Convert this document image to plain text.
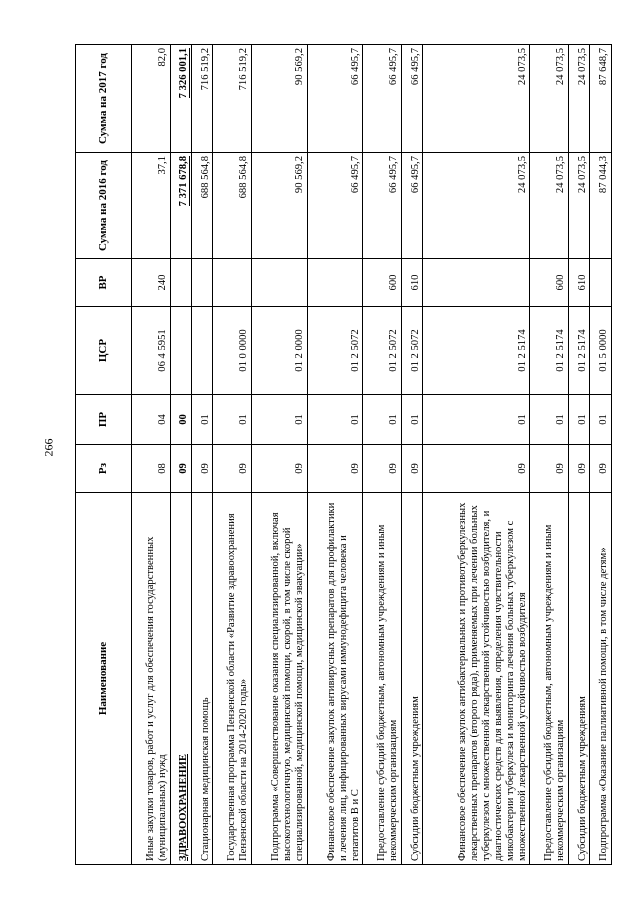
266
Наименование	Рз	ПР	ЦСР	ВР	Сумма на 2016 год	Сумма на 2017 год
Иные закупки товаров, работ и услуг для обеспечения государственных (муниципальных) нужд	08	04	06 4 5951	240	37,1	82,0
ЗДРАВООХРАНЕНИЕ	09	00			7 371 678,8	7 326 001,1
Стационарная медицинская помощь	09	01			688 564,8	716 519,2
Государственная программа Пензенской области «Развитие здравоохранения Пензенской области на 2014-2020 годы»	09	01	01 0 0000		688 564,8	716 519,2
Подпрограмма «Совершенствование оказания специализированной, включая высокотехнологичную, медицинской помощи, скорой, в том числе скорой специализированной, медицинской помощи, медицинской эвакуации»	09	01	01 2 0000		90 569,2	90 569,2
Финансовое обеспечение закупок антивирусных препаратов для профилактики и лечения лиц, инфицированных вирусами иммунодефицита человека и гепатитов В и С	09	01	01 2 5072		66 495,7	66 495,7
Предоставление субсидий бюджетным, автономным учреждениям и иным некоммерческим организациям	09	01	01 2 5072	600	66 495,7	66 495,7
Субсидии бюджетным учреждениям	09	01	01 2 5072	610	66 495,7	66 495,7
Финансовое обеспечение закупок антибактериальных и противотуберкулезных лекарственных препаратов (второго ряда), применяемых при лечении больных туберкулезом с множественной лекарственной устойчивостью возбудителя, и диагностических средств для выявления, определения чувствительности микобактерии туберкулеза и мониторинга лечения больных туберкулезом с множественной лекарственной устойчивостью возбудителя	09	01	01 2 5174		24 073,5	24 073,5
Предоставление субсидий бюджетным, автономным учреждениям и иным некоммерческим организациям	09	01	01 2 5174	600	24 073,5	24 073,5
Субсидии бюджетным учреждениям	09	01	01 2 5174	610	24 073,5	24 073,5
Подпрограмма «Оказание паллиативной помощи, в том числе детям»	09	01	01 5 0000		87 044,3	87 648,7
